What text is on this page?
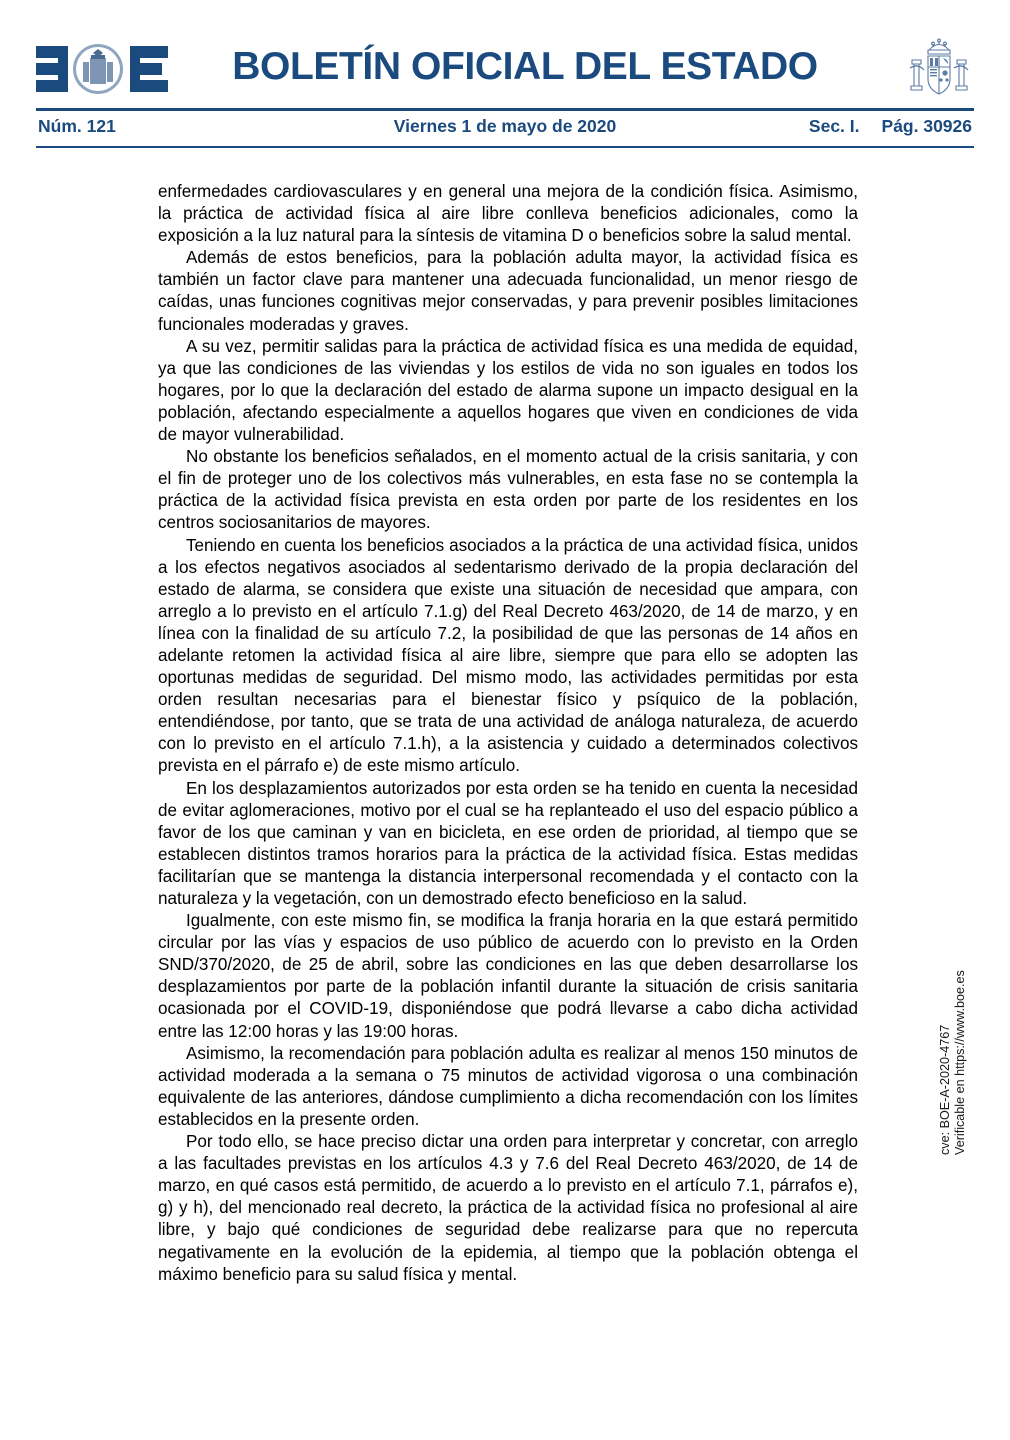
BOLETÍN OFICIAL DEL ESTADO
Núm. 121	Viernes 1 de mayo de 2020	Sec. I. Pág. 30926

enfermedades cardiovasculares y en general una mejora de la condición física. Asimismo, la práctica de actividad física al aire libre conlleva beneficios adicionales, como la exposición a la luz natural para la síntesis de vitamina D o beneficios sobre la salud mental.

Además de estos beneficios, para la población adulta mayor, la actividad física es también un factor clave para mantener una adecuada funcionalidad, un menor riesgo de caídas, unas funciones cognitivas mejor conservadas, y para prevenir posibles limitaciones funcionales moderadas y graves.

A su vez, permitir salidas para la práctica de actividad física es una medida de equidad, ya que las condiciones de las viviendas y los estilos de vida no son iguales en todos los hogares, por lo que la declaración del estado de alarma supone un impacto desigual en la población, afectando especialmente a aquellos hogares que viven en condiciones de vida de mayor vulnerabilidad.

No obstante los beneficios señalados, en el momento actual de la crisis sanitaria, y con el fin de proteger uno de los colectivos más vulnerables, en esta fase no se contempla la práctica de la actividad física prevista en esta orden por parte de los residentes en los centros sociosanitarios de mayores.

Teniendo en cuenta los beneficios asociados a la práctica de una actividad física, unidos a los efectos negativos asociados al sedentarismo derivado de la propia declaración del estado de alarma, se considera que existe una situación de necesidad que ampara, con arreglo a lo previsto en el artículo 7.1.g) del Real Decreto 463/2020, de 14 de marzo, y en línea con la finalidad de su artículo 7.2, la posibilidad de que las personas de 14 años en adelante retomen la actividad física al aire libre, siempre que para ello se adopten las oportunas medidas de seguridad. Del mismo modo, las actividades permitidas por esta orden resultan necesarias para el bienestar físico y psíquico de la población, entendiéndose, por tanto, que se trata de una actividad de análoga naturaleza, de acuerdo con lo previsto en el artículo 7.1.h), a la asistencia y cuidado a determinados colectivos prevista en el párrafo e) de este mismo artículo.

En los desplazamientos autorizados por esta orden se ha tenido en cuenta la necesidad de evitar aglomeraciones, motivo por el cual se ha replanteado el uso del espacio público a favor de los que caminan y van en bicicleta, en ese orden de prioridad, al tiempo que se establecen distintos tramos horarios para la práctica de la actividad física. Estas medidas facilitarían que se mantenga la distancia interpersonal recomendada y el contacto con la naturaleza y la vegetación, con un demostrado efecto beneficioso en la salud.

Igualmente, con este mismo fin, se modifica la franja horaria en la que estará permitido circular por las vías y espacios de uso público de acuerdo con lo previsto en la Orden SND/370/2020, de 25 de abril, sobre las condiciones en las que deben desarrollarse los desplazamientos por parte de la población infantil durante la situación de crisis sanitaria ocasionada por el COVID-19, disponiéndose que podrá llevarse a cabo dicha actividad entre las 12:00 horas y las 19:00 horas.

Asimismo, la recomendación para población adulta es realizar al menos 150 minutos de actividad moderada a la semana o 75 minutos de actividad vigorosa o una combinación equivalente de las anteriores, dándose cumplimiento a dicha recomendación con los límites establecidos en la presente orden.

Por todo ello, se hace preciso dictar una orden para interpretar y concretar, con arreglo a las facultades previstas en los artículos 4.3 y 7.6 del Real Decreto 463/2020, de 14 de marzo, en qué casos está permitido, de acuerdo a lo previsto en el artículo 7.1, párrafos e), g) y h), del mencionado real decreto, la práctica de la actividad física no profesional al aire libre, y bajo qué condiciones de seguridad debe realizarse para que no repercuta negativamente en la evolución de la epidemia, al tiempo que la población obtenga el máximo beneficio para su salud física y mental.

cve: BOE-A-2020-4767 Verificable en https://www.boe.es
